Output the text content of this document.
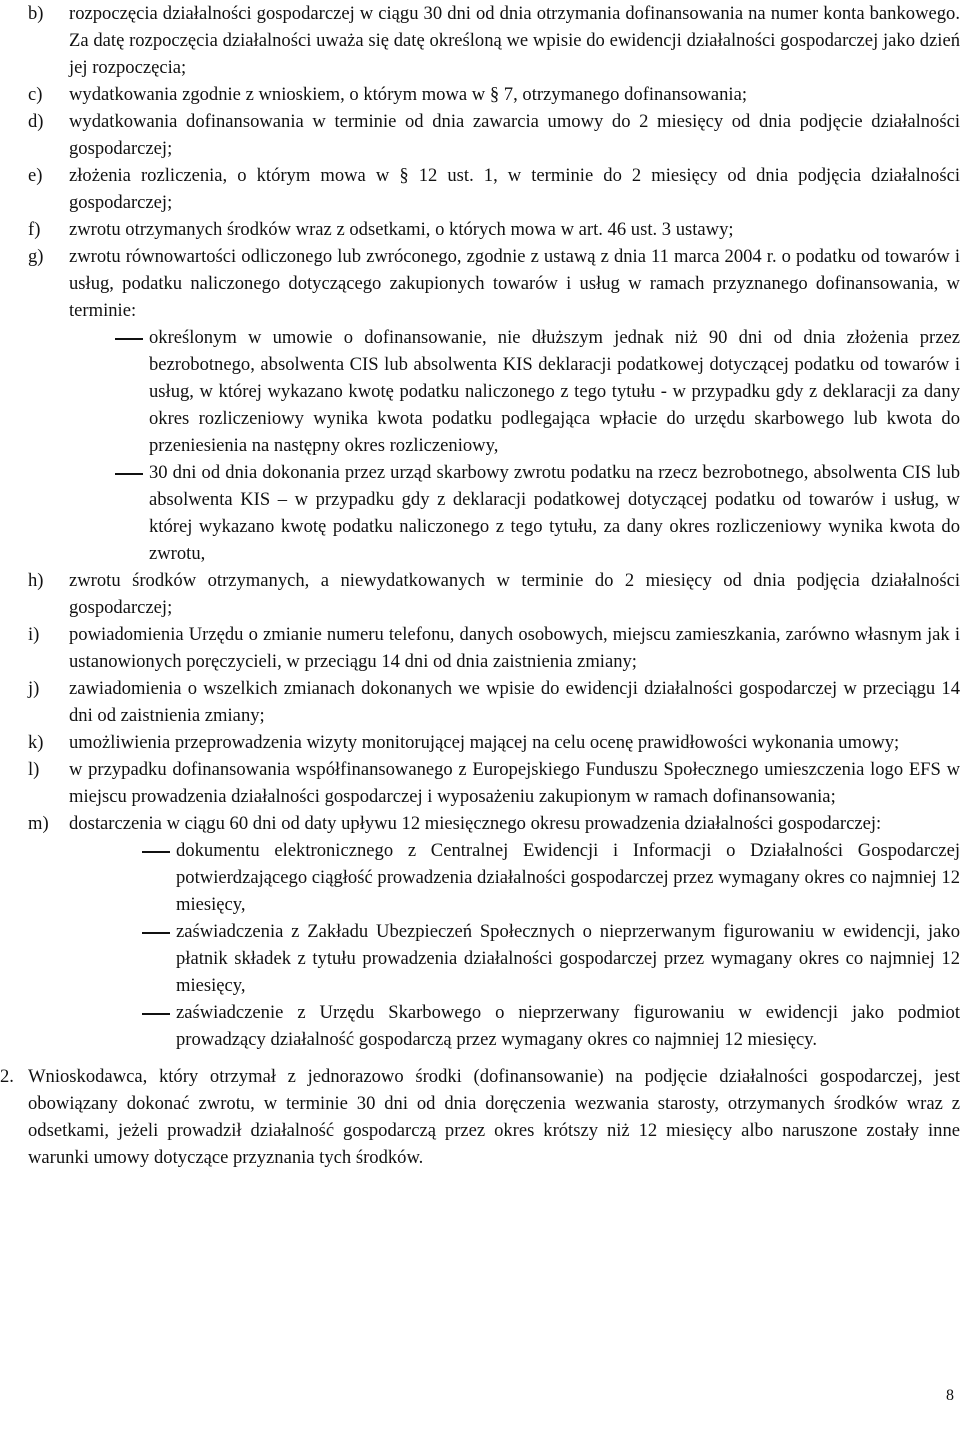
b)	rozpoczęcia działalności gospodarczej w ciągu 30 dni od dnia otrzymania dofinansowania na numer konta bankowego. Za datę rozpoczęcia działalności uważa się datę określoną we wpisie do ewidencji działalności gospodarczej jako dzień jej rozpoczęcia;

c)	wydatkowania zgodnie z wnioskiem, o którym mowa w § 7, otrzymanego dofinansowania;

d)	wydatkowania dofinansowania w terminie od dnia zawarcia umowy do 2 miesięcy od dnia podjęcie działalności gospodarczej;

e)	złożenia rozliczenia, o którym mowa w § 12 ust. 1, w terminie do 2 miesięcy od dnia podjęcia działalności gospodarczej;

f)	zwrotu otrzymanych środków wraz z odsetkami, o których mowa w art. 46 ust. 3 ustawy;

g)	zwrotu równowartości odliczonego lub zwróconego, zgodnie z ustawą z dnia 11 marca 2004 r. o podatku od towarów i usług, podatku naliczonego dotyczącego zakupionych towarów i usług w ramach przyznanego dofinansowania, w terminie:

określonym w umowie o dofinansowanie, nie dłuższym jednak niż 90 dni od dnia złożenia przez bezrobotnego, absolwenta CIS lub absolwenta KIS deklaracji podatkowej dotyczącej podatku od towarów i usług, w której wykazano kwotę podatku naliczonego z tego tytułu - w przypadku gdy z deklaracji za dany okres rozliczeniowy wynika kwota podatku podlegająca wpłacie do urzędu skarbowego lub kwota do przeniesienia na następny okres rozliczeniowy,

30 dni od dnia dokonania przez urząd skarbowy zwrotu podatku na rzecz bezrobotnego, absolwenta CIS lub absolwenta KIS – w przypadku gdy z deklaracji podatkowej dotyczącej podatku od towarów i usług, w której wykazano kwotę podatku naliczonego z tego tytułu, za dany okres rozliczeniowy wynika kwota do zwrotu,

h)	zwrotu środków otrzymanych, a niewydatkowanych w terminie do 2 miesięcy od dnia podjęcia działalności gospodarczej;

i)	powiadomienia Urzędu o zmianie numeru telefonu, danych osobowych, miejscu zamieszkania, zarówno własnym jak i ustanowionych poręczycieli, w przeciągu 14 dni od dnia zaistnienia zmiany;

j)	zawiadomienia o wszelkich zmianach dokonanych we wpisie do ewidencji działalności gospodarczej w przeciągu 14 dni od zaistnienia zmiany;

k)	umożliwienia przeprowadzenia wizyty monitorującej mającej na celu ocenę prawidłowości wykonania umowy;

l)	w przypadku dofinansowania współfinansowanego z Europejskiego Funduszu Społecznego umieszczenia logo EFS w miejscu prowadzenia działalności gospodarczej i wyposażeniu zakupionym w ramach dofinansowania;

m)	dostarczenia w ciągu 60 dni od daty upływu 12 miesięcznego okresu prowadzenia działalności gospodarczej:

dokumentu elektronicznego z Centralnej Ewidencji i Informacji o Działalności Gospodarczej potwierdzającego ciągłość prowadzenia działalności gospodarczej przez wymagany okres co najmniej 12 miesięcy,

zaświadczenia z Zakładu Ubezpieczeń Społecznych o nieprzerwanym figurowaniu w ewidencji, jako płatnik składek z tytułu prowadzenia działalności gospodarczej przez wymagany okres co najmniej 12 miesięcy,

zaświadczenie z Urzędu Skarbowego o nieprzerwany figurowaniu w ewidencji jako podmiot prowadzący działalność gospodarczą przez wymagany okres co najmniej 12 miesięcy.

2. Wnioskodawca, który otrzymał z jednorazowo środki (dofinansowanie) na podjęcie działalności gospodarczej, jest obowiązany dokonać zwrotu, w terminie 30 dni od dnia doręczenia wezwania starosty, otrzymanych środków wraz z odsetkami, jeżeli prowadził działalność gospodarczą przez okres krótszy niż 12 miesięcy albo naruszone zostały inne warunki umowy dotyczące przyznania tych środków.

8
